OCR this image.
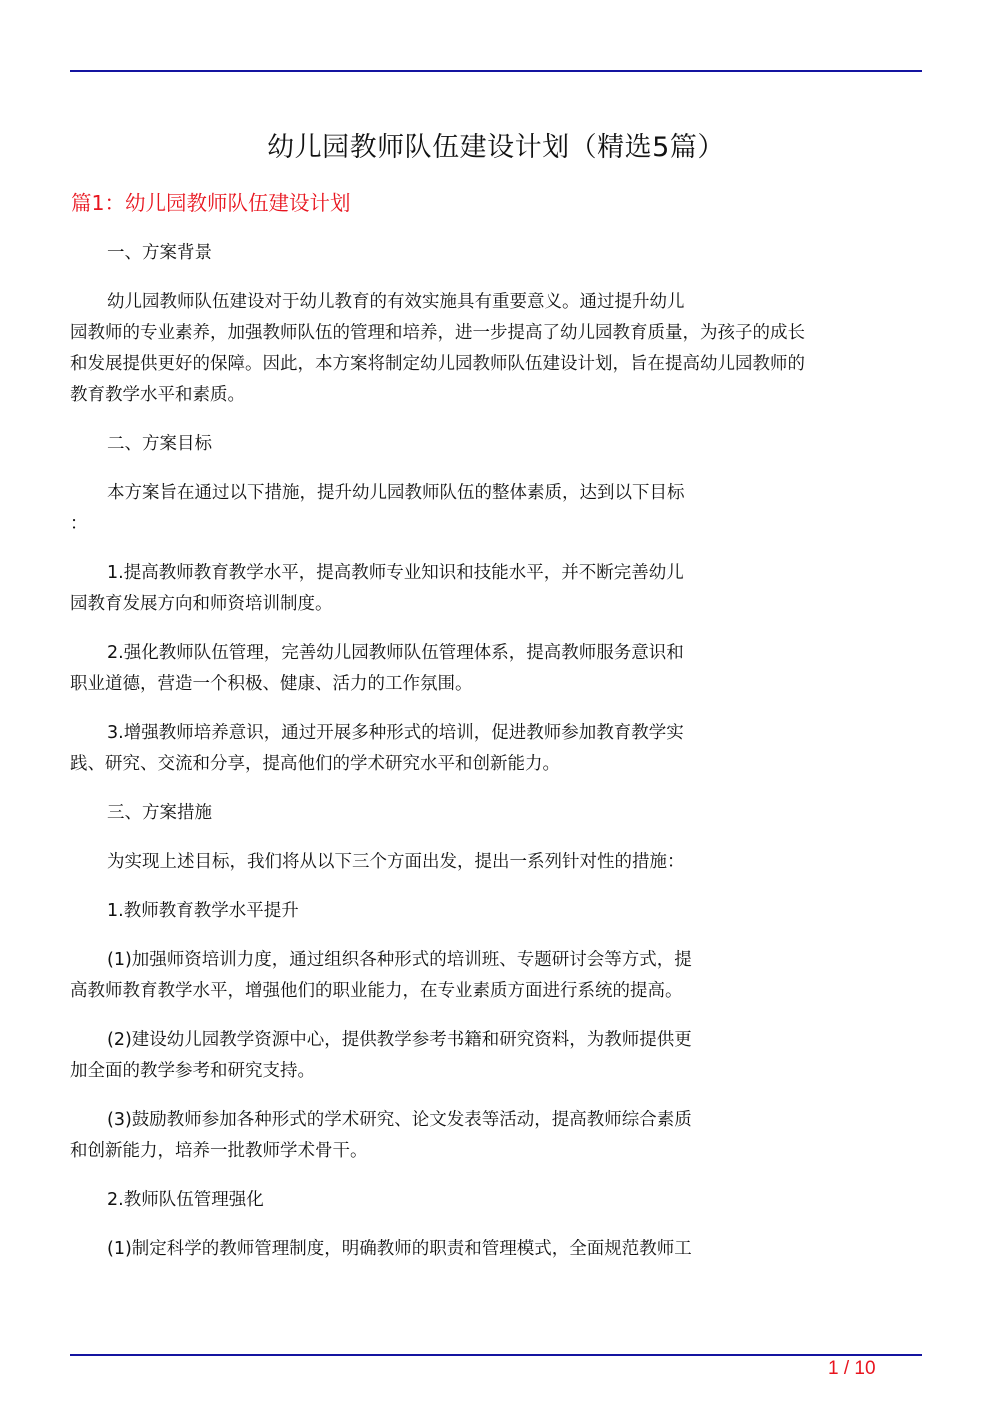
幼儿园教师队伍建设计划（精选5篇）
篇1：幼儿园教师队伍建设计划

一、方案背景

幼儿园教师队伍建设对于幼儿教育的有效实施具有重要意义。通过提升幼儿
园教师的专业素养，加强教师队伍的管理和培养，进一步提高了幼儿园教育质量，为孩子的成长
和发展提供更好的保障。因此，本方案将制定幼儿园教师队伍建设计划，旨在提高幼儿园教师的
教育教学水平和素质。

二、方案目标

本方案旨在通过以下措施，提升幼儿园教师队伍的整体素质，达到以下目标
：

1.提高教师教育教学水平，提高教师专业知识和技能水平，并不断完善幼儿
园教育发展方向和师资培训制度。

2.强化教师队伍管理，完善幼儿园教师队伍管理体系，提高教师服务意识和
职业道德，营造一个积极、健康、活力的工作氛围。

3.增强教师培养意识，通过开展多种形式的培训，促进教师参加教育教学实
践、研究、交流和分享，提高他们的学术研究水平和创新能力。

三、方案措施

为实现上述目标，我们将从以下三个方面出发，提出一系列针对性的措施：

1.教师教育教学水平提升

(1)加强师资培训力度，通过组织各种形式的培训班、专题研讨会等方式，提
高教师教育教学水平，增强他们的职业能力，在专业素质方面进行系统的提高。

(2)建设幼儿园教学资源中心，提供教学参考书籍和研究资料，为教师提供更
加全面的教学参考和研究支持。

(3)鼓励教师参加各种形式的学术研究、论文发表等活动，提高教师综合素质
和创新能力，培养一批教师学术骨干。

2.教师队伍管理强化

(1)制定科学的教师管理制度，明确教师的职责和管理模式，全面规范教师工

1 / 10
